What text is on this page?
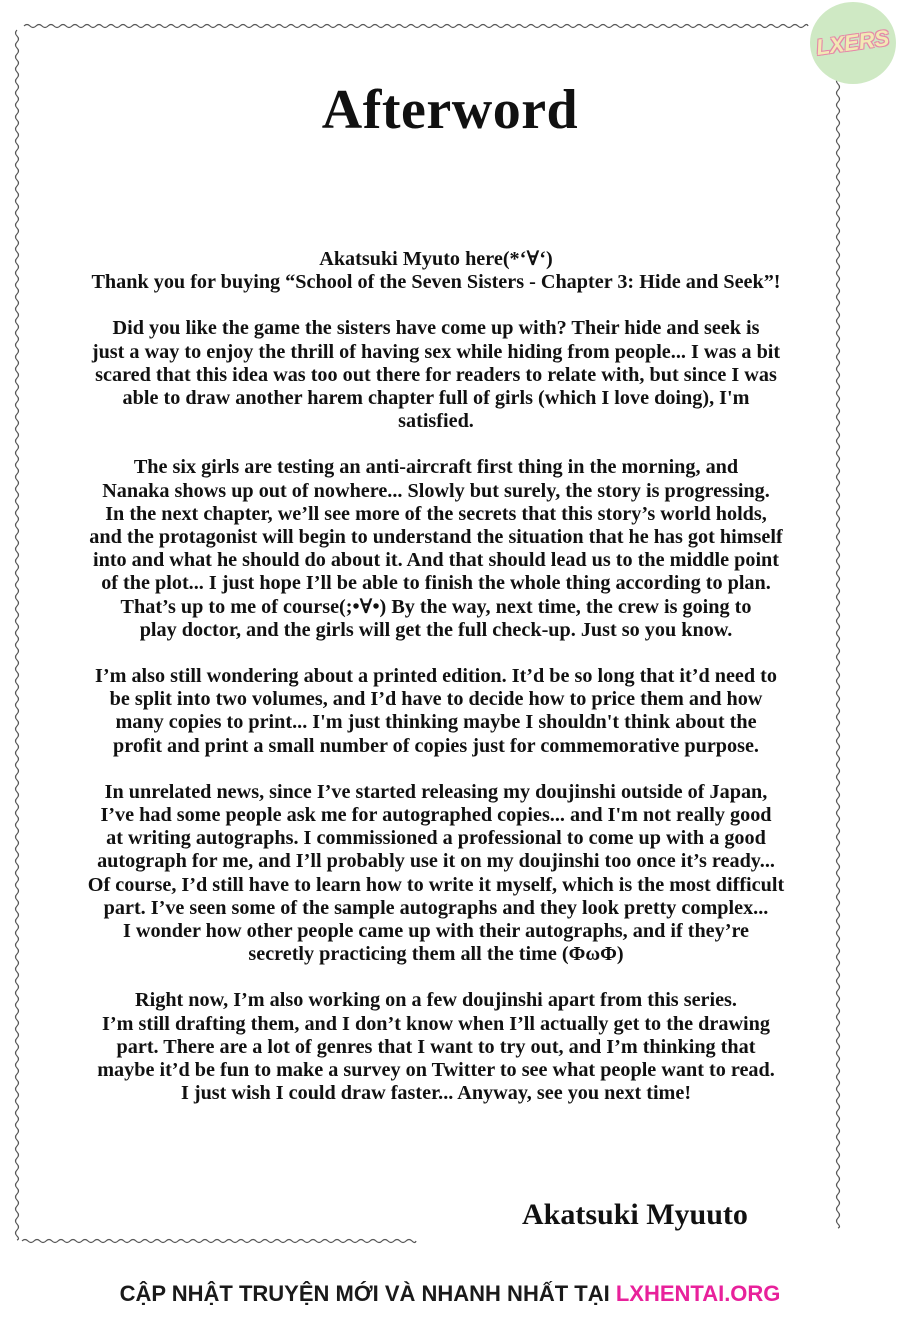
LXERS
Afterword

Akatsuki Myuto here(*‘∀‘)
Thank you for buying “School of the Seven Sisters - Chapter 3: Hide and Seek”!

Did you like the game the sisters have come up with? Their hide and seek is
just a way to enjoy the thrill of having sex while hiding from people... I was a bit
scared that this idea was too out there for readers to relate with, but since I was
able to draw another harem chapter full of girls (which I love doing), I'm
satisfied.

The six girls are testing an anti-aircraft first thing in the morning, and
Nanaka shows up out of nowhere... Slowly but surely, the story is progressing.
In the next chapter, we’ll see more of the secrets that this story’s world holds,
and the protagonist will begin to understand the situation that he has got himself
into and what he should do about it. And that should lead us to the middle point
of the plot... I just hope I’ll be able to finish the whole thing according to plan.
That’s up to me of course(;•∀•) By the way, next time, the crew is going to
play doctor, and the girls will get the full check-up. Just so you know.

I’m also still wondering about a printed edition. It’d be so long that it’d need to
be split into two volumes, and I’d have to decide how to price them and how
many copies to print... I'm just thinking maybe I shouldn't think about the
profit and print a small number of copies just for commemorative purpose.

In unrelated news, since I’ve started releasing my doujinshi outside of Japan,
I’ve had some people ask me for autographed copies... and I'm not really good
at writing autographs. I commissioned a professional to come up with a good
autograph for me, and I’ll probably use it on my doujinshi too once it’s ready...
Of course, I’d still have to learn how to write it myself, which is the most difficult
part. I’ve seen some of the sample autographs and they look pretty complex...
I wonder how other people came up with their autographs, and if they’re
secretly practicing them all the time (ΦωΦ)

Right now, I’m also working on a few doujinshi apart from this series.
I’m still drafting them, and I don’t know when I’ll actually get to the drawing
part. There are a lot of genres that I want to try out, and I’m thinking that
maybe it’d be fun to make a survey on Twitter to see what people want to read.
I just wish I could draw faster... Anyway, see you next time!

Akatsuki Myuuto
CẬP NHẬT TRUYỆN MỚI VÀ NHANH NHẤT TẠI LXHENTAI.ORG
